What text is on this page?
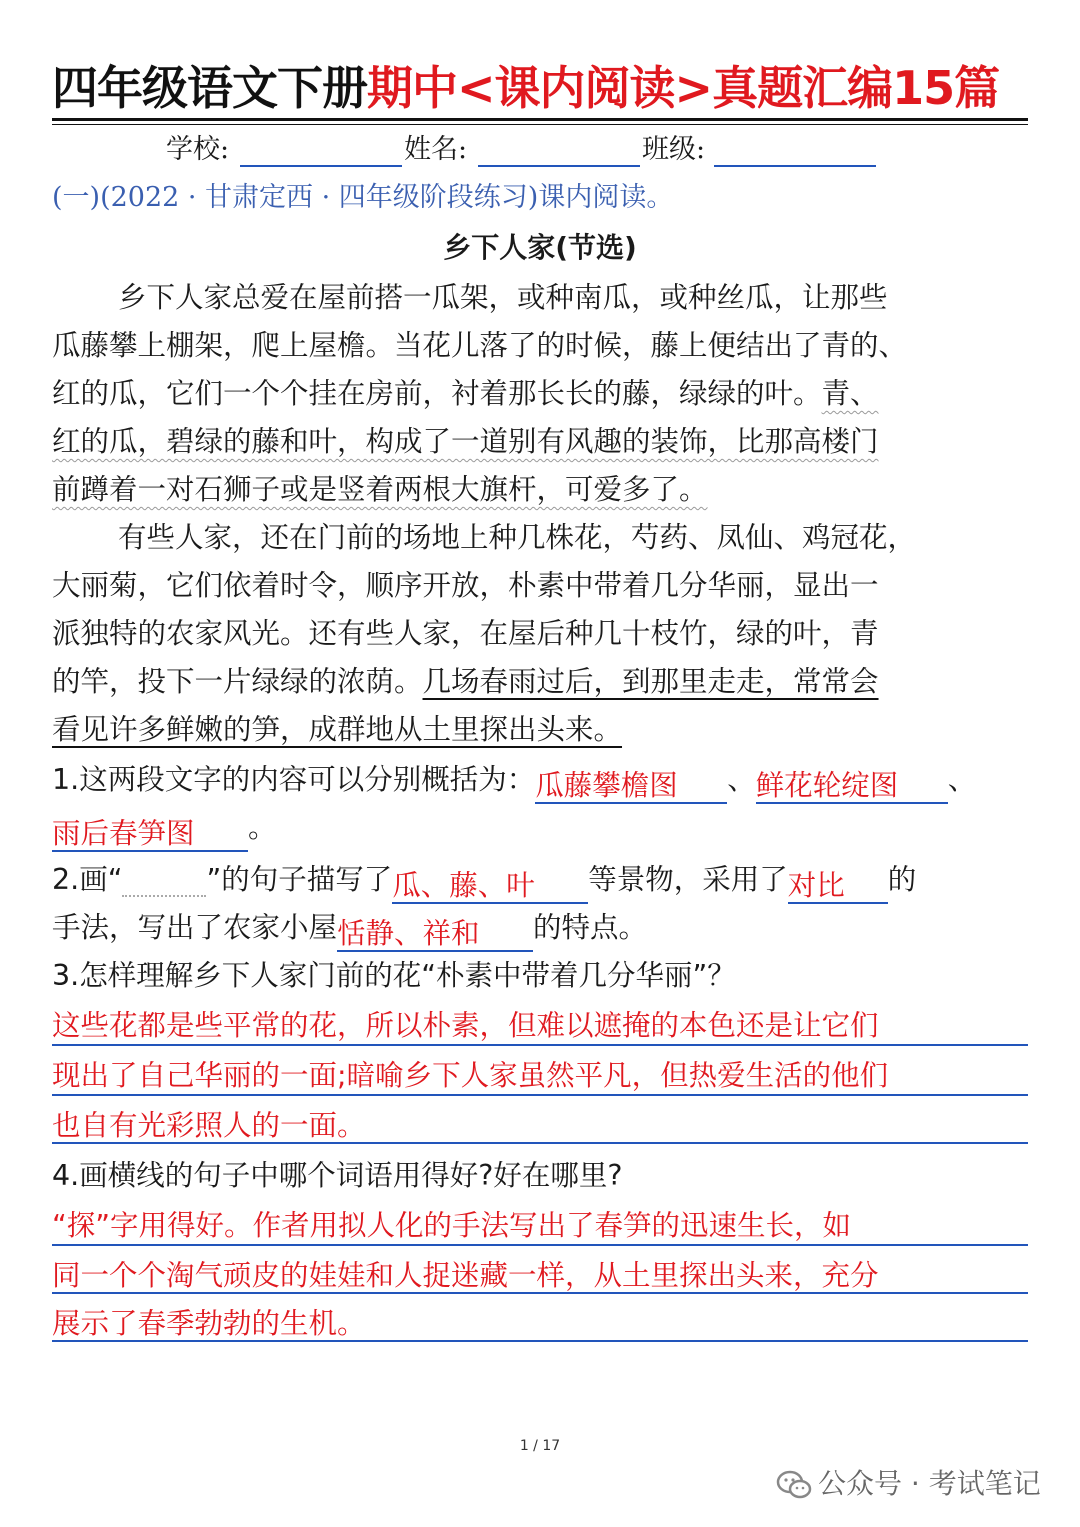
四年级语文下册期中<课内阅读>真题汇编15篇
学校:	姓名:	班级:
(一)(2022 · 甘肃定西 · 四年级阶段练习)课内阅读。
乡下人家(节选)
乡下人家总爱在屋前搭一瓜架，或种南瓜，或种丝瓜，让那些
瓜藤攀上棚架，爬上屋檐。当花儿落了的时候，藤上便结出了青的、
红的瓜，它们一个个挂在房前，衬着那长长的藤，绿绿的叶。青、
红的瓜，碧绿的藤和叶，构成了一道别有风趣的装饰，比那高楼门
前蹲着一对石狮子或是竖着两根大旗杆，可爱多了。
有些人家，还在门前的场地上种几株花，芍药、凤仙、鸡冠花，
大丽菊，它们依着时令，顺序开放，朴素中带着几分华丽，显出一
派独特的农家风光。还有些人家，在屋后种几十枝竹，绿的叶，青
的竿，投下一片绿绿的浓荫。几场春雨过后，到那里走走，常常会
看见许多鲜嫩的笋，成群地从土里探出头来。
1.这两段文字的内容可以分别概括为：瓜藤攀檐图 、鲜花轮绽图 、
雨后春笋图 。
2.画“	”的句子描写了瓜、藤、叶 等景物，采用了对比 的
手法，写出了农家小屋恬静、祥和 的特点。
3.怎样理解乡下人家门前的花“朴素中带着几分华丽”？
这些花都是些平常的花，所以朴素，但难以遮掩的本色还是让它们
现出了自己华丽的一面;暗喻乡下人家虽然平凡，但热爱生活的他们
也自有光彩照人的一面。
4.画横线的句子中哪个词语用得好?好在哪里?
“探”字用得好。作者用拟人化的手法写出了春笋的迅速生长，如
同一个个淘气顽皮的娃娃和人捉迷藏一样，从土里探出头来，充分
展示了春季勃勃的生机。
1 / 17
公众号 · 考试笔记
